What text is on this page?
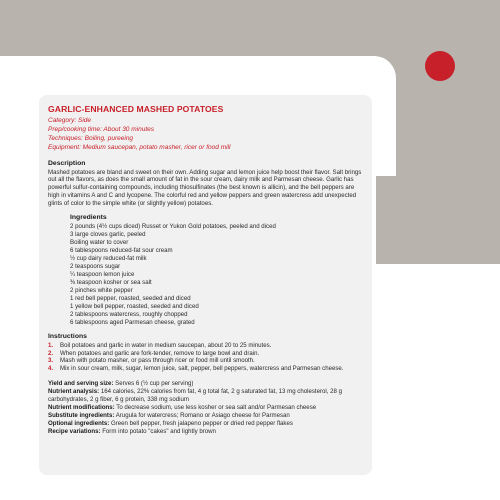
GARLIC-ENHANCED MASHED POTATOES
Category: Side
Prep/cooking time: About 30 minutes
Techniques: Boiling, pureeing
Equipment: Medium saucepan, potato masher, ricer or food mill
Description

Mashed potatoes are bland and sweet on their own. Adding sugar and lemon juice help boost their flavor. Salt brings out all the flavors, as does the small amount of fat in the sour cream, dairy milk and Parmesan cheese. Garlic has powerful sulfur-containing compounds, including thiosulfinates (the best known is allicin), and the bell peppers are high in vitamins A and C and lycopene. The colorful red and yellow peppers and green watercress add unexpected glints of color to the simple white (or slightly yellow) potatoes.

Ingredients
2 pounds (4½ cups diced) Russet or Yukon Gold potatoes, peeled and diced
3 large cloves garlic, peeled
Boiling water to cover
6 tablespoons reduced-fat sour cream
½ cup dairy reduced-fat milk
2 teaspoons sugar
¼ teaspoon lemon juice
⅜ teaspoon kosher or sea salt
2 pinches white pepper
1 red bell pepper, roasted, seeded and diced
1 yellow bell pepper, roasted, seeded and diced
2 tablespoons watercress, roughly chopped
6 tablespoons aged Parmesan cheese, grated
Instructions
1.	Boil potatoes and garlic in water in medium saucepan, about 20 to 25 minutes.
2.	When potatoes and garlic are fork-tender, remove to large bowl and drain.
3.	Mash with potato masher, or pass through ricer or food mill until smooth.
4.	Mix in sour cream, milk, sugar, lemon juice, salt, pepper, bell peppers, watercress and Parmesan cheese.
Yield and serving size: Serves 6 (½ cup per serving)
Nutrient analysis: 164 calories, 22% calories from fat, 4 g total fat, 2 g saturated fat, 13 mg cholesterol, 28 g carbohydrates, 2 g fiber, 6 g protein, 338 mg sodium
Nutrient modifications: To decrease sodium, use less kosher or sea salt and/or Parmesan cheese
Substitute ingredients: Arugula for watercress; Romano or Asiago cheese for Parmesan
Optional ingredients: Green bell pepper, fresh jalapeno pepper or dried red pepper flakes
Recipe variations: Form into potato "cakes" and lightly brown
